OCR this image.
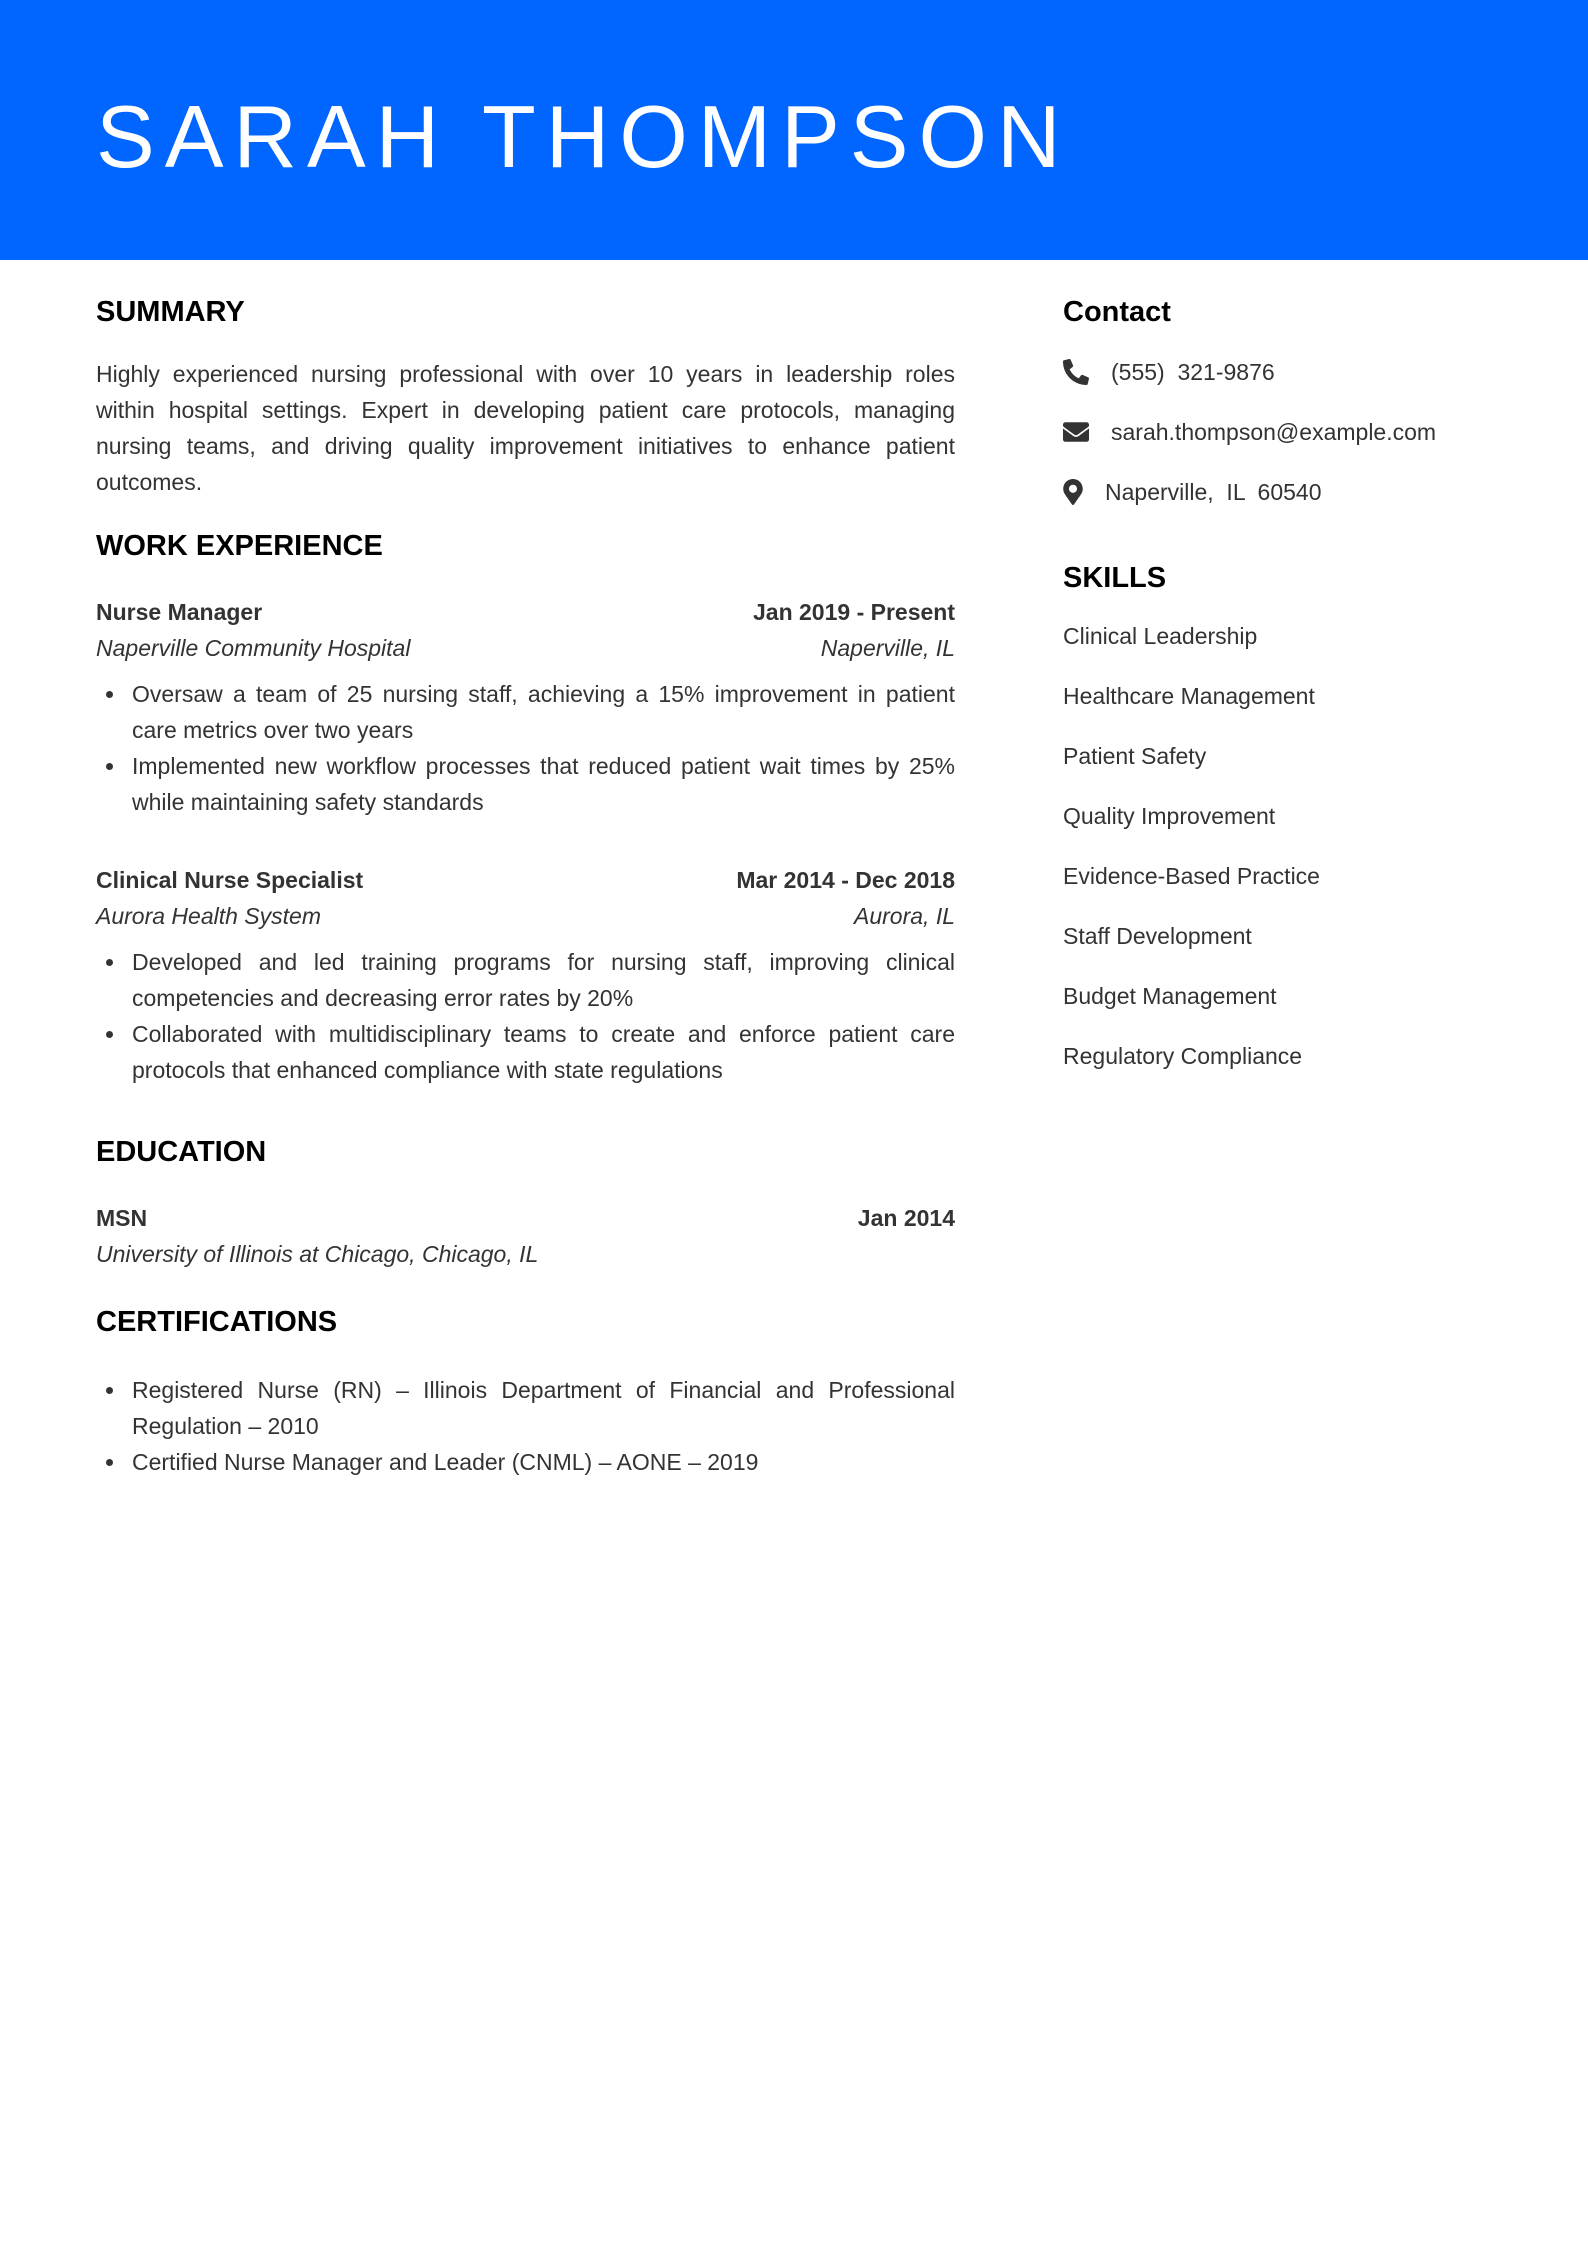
SARAH THOMPSON
SUMMARY
Highly experienced nursing professional with over 10 years in leadership roles within hospital settings. Expert in developing patient care protocols, managing nursing teams, and driving quality improvement initiatives to enhance patient outcomes.
WORK EXPERIENCE
Nurse Manager	Jan 2019 - Present
Naperville Community Hospital	Naperville, IL
Oversaw a team of 25 nursing staff, achieving a 15% improvement in patient care metrics over two years
Implemented new workflow processes that reduced patient wait times by 25% while maintaining safety standards
Clinical Nurse Specialist	Mar 2014 - Dec 2018
Aurora Health System	Aurora, IL
Developed and led training programs for nursing staff, improving clinical competencies and decreasing error rates by 20%
Collaborated with multidisciplinary teams to create and enforce patient care protocols that enhanced compliance with state regulations
EDUCATION
MSN	Jan 2014
University of Illinois at Chicago, Chicago, IL
CERTIFICATIONS
Registered Nurse (RN) – Illinois Department of Financial and Professional Regulation – 2010
Certified Nurse Manager and Leader (CNML) – AONE – 2019
Contact
(555)  321-9876
sarah.thompson@example.com
Naperville,  IL  60540
SKILLS
Clinical Leadership
Healthcare Management
Patient Safety
Quality Improvement
Evidence-Based Practice
Staff Development
Budget Management
Regulatory Compliance
